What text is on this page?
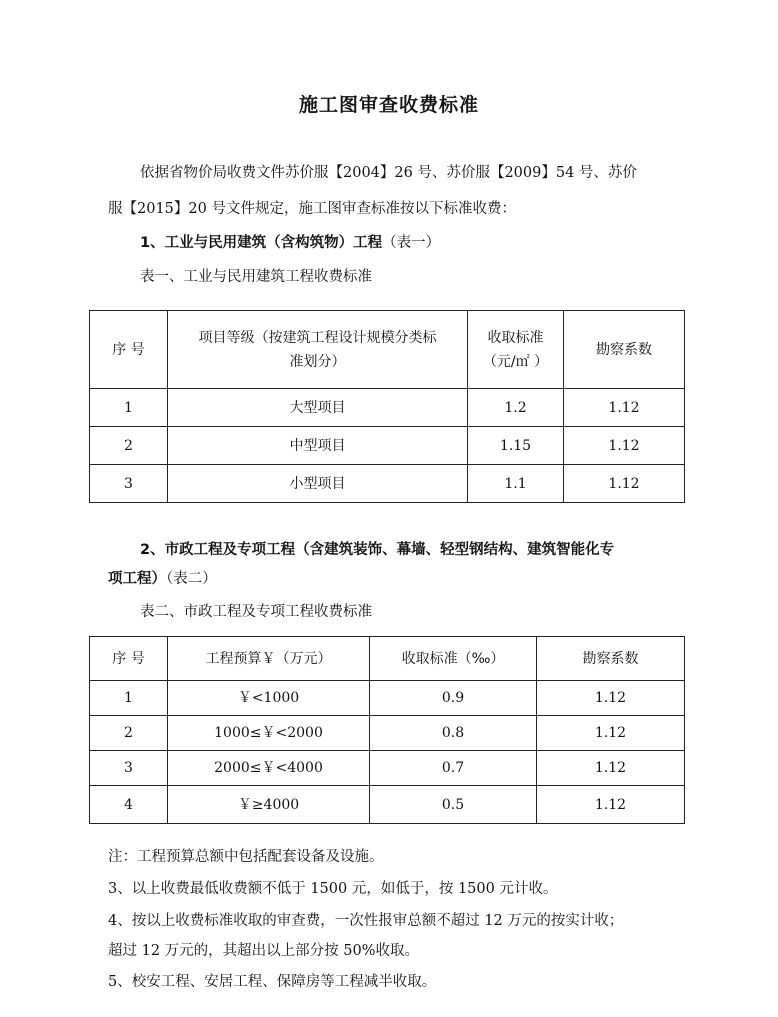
施工图审查收费标准
依据省物价局收费文件苏价服【2004】26 号、苏价服【2009】54 号、苏价
服【2015】20 号文件规定，施工图审查标准按以下标准收费：
1、工业与民用建筑（含构筑物）工程（表一）
表一、工业与民用建筑工程收费标准
序 号	项目等级（按建筑工程设计规模分类标准划分）	收取标准（元/㎡ ）	勘察系数
1	大型项目	1.2	1.12
2	中型项目	1.15	1.12
3	小型项目	1.1	1.12
2、市政工程及专项工程（含建筑装饰、幕墙、轻型钢结构、建筑智能化专
项工程）（表二）
表二、市政工程及专项工程收费标准
序 号	工程预算￥（万元）	收取标准（‰）	勘察系数
1	￥<1000	0.9	1.12
2	1000≤￥<2000	0.8	1.12
3	2000≤￥<4000	0.7	1.12
4	￥≥4000	0.5	1.12
注：工程预算总额中包括配套设备及设施。
3、以上收费最低收费额不低于 1500 元，如低于，按 1500 元计收。
4、按以上收费标准收取的审查费，一次性报审总额不超过 12 万元的按实计收；
超过 12 万元的，其超出以上部分按 50%收取。
5、校安工程、安居工程、保障房等工程减半收取。
